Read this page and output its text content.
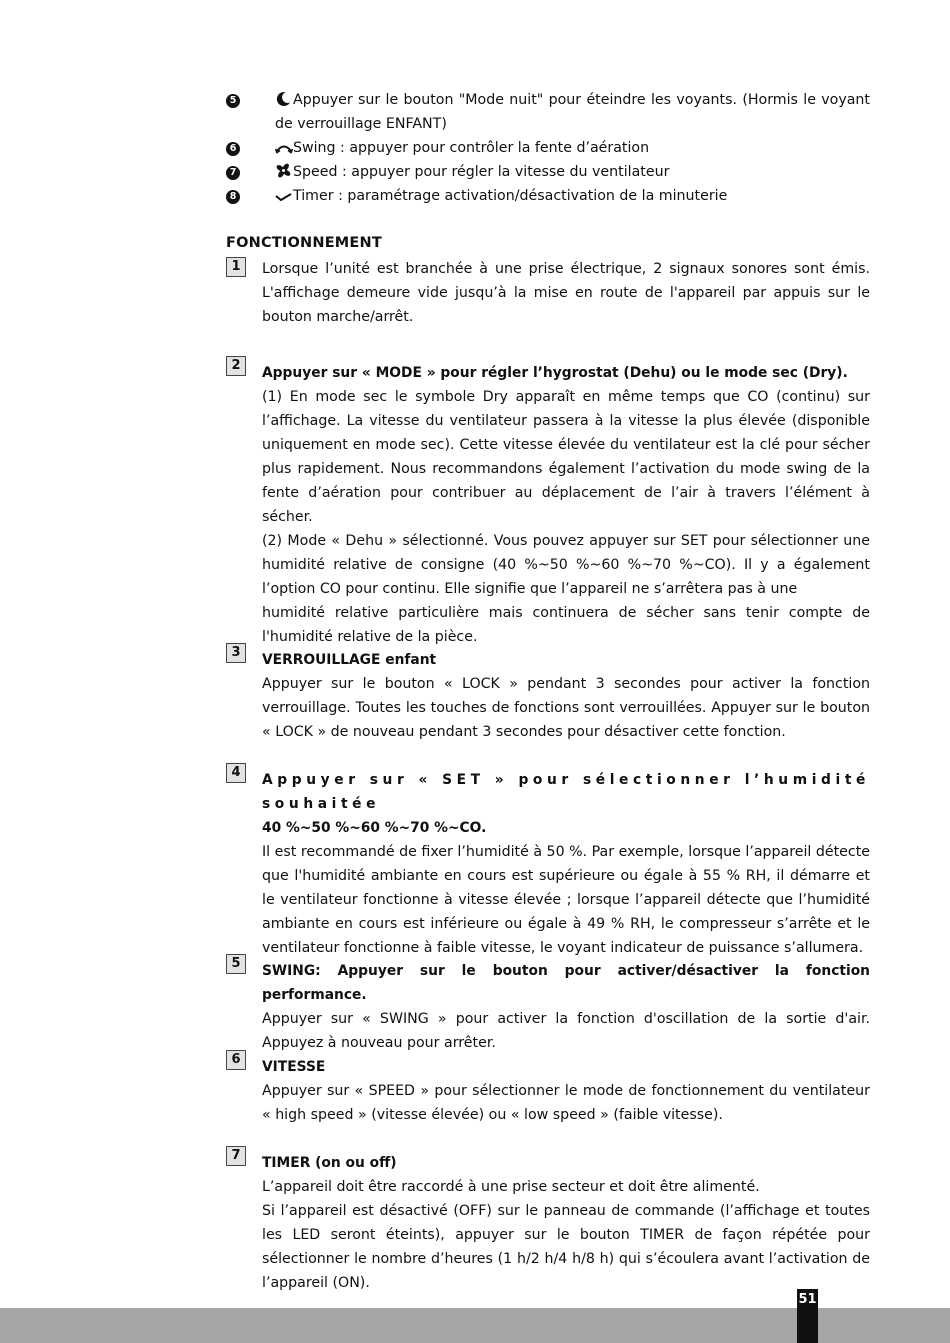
5	Appuyer sur le bouton "Mode nuit" pour éteindre les voyants. (Hormis le voyant de verrouillage ENFANT)
6	Swing : appuyer pour contrôler la fente d’aération
7	Speed : appuyer pour régler la vitesse du ventilateur
8	Timer : paramétrage activation/désactivation de la minuterie
FONCTIONNEMENT
1	Lorsque l’unité est branchée à une prise électrique, 2 signaux sonores sont émis. L'affichage demeure vide jusqu’à la mise en route de l'appareil par appuis sur le bouton marche/arrêt.

2	Appuyer sur « MODE » pour régler l’hygrostat (Dehu) ou le mode sec (Dry).

(1) En mode sec le symbole Dry apparaît en même temps que CO (continu) sur l’affichage. La vitesse du ventilateur passera à la vitesse la plus élevée (disponible uniquement en mode sec). Cette vitesse élevée du ventilateur est la clé pour sécher plus rapidement. Nous recommandons également l’activation du mode swing de la fente d’aération pour contribuer au déplacement de l’air à travers l’élément à sécher.

(2) Mode « Dehu » sélectionné. Vous pouvez appuyer sur SET pour sélectionner une humidité relative de consigne (40 %~50 %~60 %~70 %~CO). Il y a également l’option CO pour continu. Elle signifie que l’appareil ne s’arrêtera pas à une

humidité relative particulière mais continuera de sécher sans tenir compte de l'humidité relative de la pièce.

3	VERROUILLAGE enfant

Appuyer sur le bouton « LOCK » pendant 3 secondes pour activer la fonction verrouillage. Toutes les touches de fonctions sont verrouillées. Appuyer sur le bouton « LOCK » de nouveau pendant 3 secondes pour désactiver cette fonction.

4	Appuyer sur « SET » pour sélectionner l’humidité souhaitée
40 %~50 %~60 %~70 %~CO.

Il est recommandé de fixer l’humidité à 50 %. Par exemple, lorsque l’appareil détecte que l'humidité ambiante en cours est supérieure ou égale à 55 % RH, il démarre et le ventilateur fonctionne à vitesse élevée ; lorsque l’appareil détecte que l’humidité ambiante en cours est inférieure ou égale à 49 % RH, le compresseur s’arrête et le ventilateur fonctionne à faible vitesse, le voyant indicateur de puissance s’allumera.

5	SWING: Appuyer sur le bouton pour activer/désactiver la fonction performance.

Appuyer sur « SWING » pour activer la fonction d'oscillation de la sortie d'air. Appuyez à nouveau pour arrêter.

6	VITESSE

Appuyer sur « SPEED » pour sélectionner le mode de fonctionnement du ventilateur « high speed » (vitesse élevée) ou « low speed » (faible vitesse).

7	TIMER (on ou off)

L’appareil doit être raccordé à une prise secteur et doit être alimenté.

Si l’appareil est désactivé (OFF) sur le panneau de commande (l’affichage et toutes les LED seront éteints), appuyer sur le bouton TIMER de façon répétée pour sélectionner le nombre d’heures (1 h/2 h/4 h/8 h) qui s’écoulera avant l’activation de l’appareil (ON).

51
